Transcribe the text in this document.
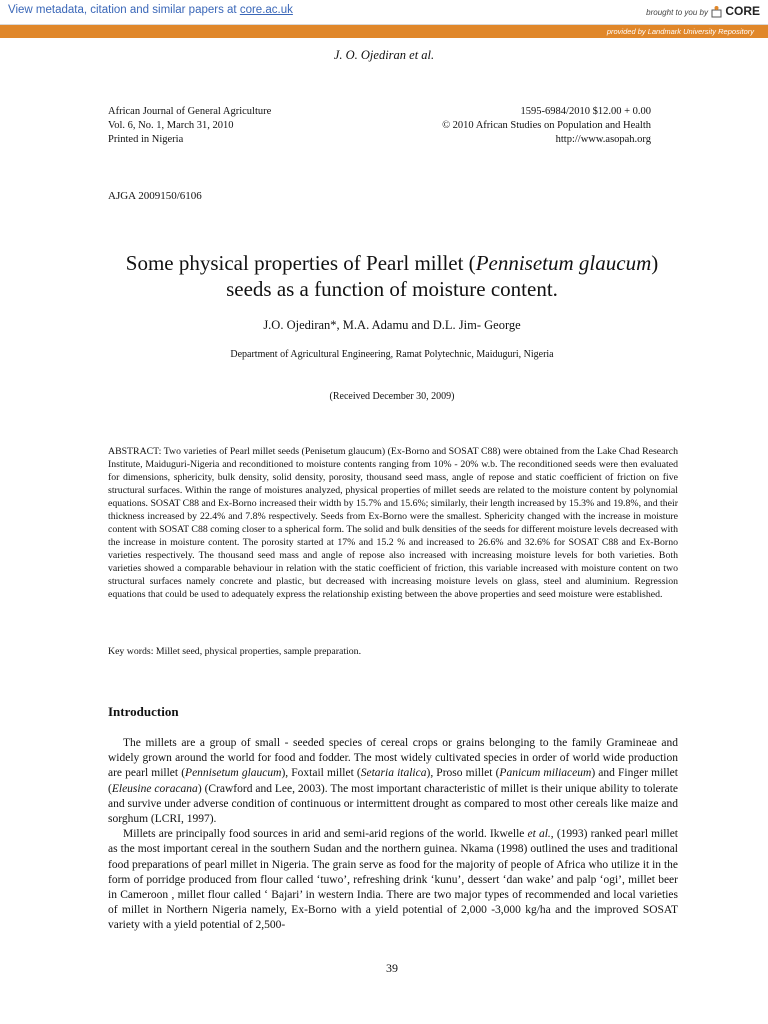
View metadata, citation and similar papers at core.ac.uk	brought to you by CORE
provided by Landmark University Repository
J. O. Ojediran et al.
African Journal of General Agriculture
Vol. 6, No. 1, March 31, 2010
Printed in Nigeria
1595-6984/2010 $12.00 + 0.00
© 2010 African Studies on Population and Health
http://www.asopah.org
AJGA 2009150/6106
Some physical properties of Pearl millet (Pennisetum glaucum) seeds as a function of moisture content.
J.O. Ojediran*, M.A. Adamu and D.L. Jim- George
Department of Agricultural Engineering, Ramat Polytechnic, Maiduguri, Nigeria
(Received December 30, 2009)

ABSTRACT: Two varieties of Pearl millet seeds (Penisetum glaucum) (Ex-Borno and SOSAT C88) were obtained from the Lake Chad Research Institute, Maiduguri-Nigeria and reconditioned to moisture contents ranging from 10% - 20% w.b. The reconditioned seeds were then evaluated for dimensions, sphericity, bulk density, solid density, porosity, thousand seed mass, angle of repose and static coefficient of friction on five structural surfaces. Within the range of moistures analyzed, physical properties of millet seeds are related to the moisture content by polynomial equations. SOSAT C88 and Ex-Borno increased their width by 15.7% and 15.6%; similarly, their length increased by 15.3% and 19.8%, and their thickness increased by 22.4% and 7.8% respectively. Seeds from Ex-Borno were the smallest. Sphericity changed with the increase in moisture content with SOSAT C88 coming closer to a spherical form. The solid and bulk densities of the seeds for different moisture levels decreased with the increase in moisture content. The porosity started at 17% and 15.2 % and increased to 26.6% and 32.6% for SOSAT C88 and Ex-Borno varieties respectively. The thousand seed mass and angle of repose also increased with increasing moisture levels for both varieties. Both varieties showed a comparable behaviour in relation with the static coefficient of friction, this variable increased with moisture content on two structural surfaces namely concrete and plastic, but decreased with increasing moisture levels on glass, steel and aluminium. Regression equations that could be used to adequately express the relationship existing between the above properties and seed moisture were established.

Key words: Millet seed, physical properties, sample preparation.

Introduction

The millets are a group of small - seeded species of cereal crops or grains belonging to the family Gramineae and widely grown around the world for food and fodder. The most widely cultivated species in order of world wide production are pearl millet (Pennisetum glaucum), Foxtail millet (Setaria italica), Proso millet (Panicum miliaceum) and Finger millet (Eleusine coracana) (Crawford and Lee, 2003). The most important characteristic of millet is their unique ability to tolerate and survive under adverse condition of continuous or intermittent drought as compared to most other cereals like maize and sorghum (LCRI, 1997).

Millets are principally food sources in arid and semi-arid regions of the world. Ikwelle et al., (1993) ranked pearl millet as the most important cereal in the southern Sudan and the northern guinea. Nkama (1998) outlined the uses and traditional food preparations of pearl millet in Nigeria. The grain serve as food for the majority of people of Africa who utilize it in the form of porridge produced from flour called ‘tuwo’, refreshing drink ‘kunu’, dessert ‘dan wake’ and palp ‘ogi’, millet beer in Cameroon , millet flour called ‘ Bajari’ in western India. There are two major types of recommended and local varieties of millet in Northern Nigeria namely, Ex-Borno with a yield potential of 2,000 -3,000 kg/ha and the improved SOSAT variety with a yield potential of 2,500-

39
